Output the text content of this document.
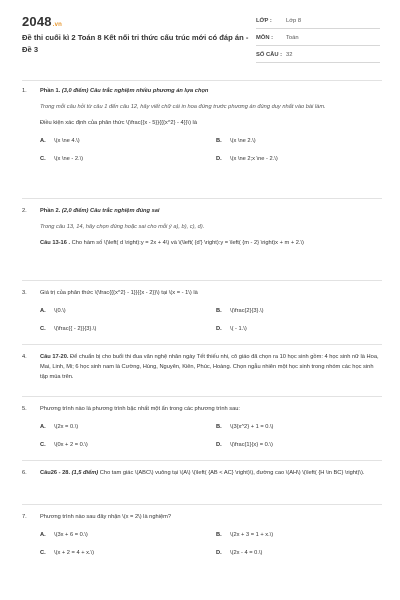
2048.vn
Đề thi cuối kì 2 Toán 8 Kết nối tri thức cấu trúc mới có đáp án - Đề 3
LỚP : Lớp 8
MÔN : Toán
SỐ CÂU : 32
1.	Phần 1. (3,0 điểm) Câu trắc nghiệm nhiều phương án lựa chọn

Trong mỗi câu hỏi từ câu 1 đến câu 12, hãy viết chữ cái in hoa đứng trước phương án đúng duy nhất vào bài làm.

Điều kiện xác định của phân thức \(\frac{{x - 5}}{{{x^2} - 4}}\) là

A. \(x \ne 4.\)	B. \(x \ne 2.\)
C. \(x \ne - 2.\)	D. \(x \ne 2;x \ne - 2.\)
2.	Phần 2. (2,0 điểm) Câu trắc nghiệm đúng sai

Trong câu 13, 14, hãy chọn đúng hoặc sai cho mỗi ý a), b), c), d).

Câu 13-16 . Cho hàm số \(\left( d \right):y = 2x + 4\) và \(\left( {d'} \right):y = \left( {m - 2} \right)x + m + 2.\)

3.	Giá trị của phân thức \(\frac{{{x^2} - 1}}{{x - 2}}\) tại \(x = - 1\) là

A. \(0.\)	B. \(\frac{2}{3}.\)
C. \(\frac{{ - 2}}{3}.\)	D. \( - 1.\)
4.	Câu 17-20. Để chuẩn bị cho buổi thi đua văn nghệ nhân ngày Tết thiếu nhi, cô giáo đã chọn ra 10 học sinh gồm: 4 học sinh nữ là Hoa, Mai, Linh, Mi; 6 học sinh nam là Cường, Hùng, Nguyên, Kiên, Phúc, Hoàng. Chọn ngẫu nhiên một học sinh trong nhóm các học sinh tập múa trên.

5.	Phương trình nào là phương trình bậc nhất một ẩn trong các phương trình sau:

A. \(2x = 0.\)	B. \(3{x^2} + 1 = 0.\)
C. \(0x + 2 = 0.\)	D. \(\frac{1}{x} = 0.\)
6.	Câu26 - 28. (1,5 điểm) Cho tam giác \(ABC\) vuông tại \(A\) \(\left( {AB < AC} \right)\), đường cao \(AH\) \(\left( {H \in BC} \right)\).

7.	Phương trình nào sau đây nhận \(x = 2\) là nghiệm?

A. \(3x + 6 = 0.\)	B. \(2x + 3 = 1 + x.\)
C. \(x + 2 = 4 + x.\)	D. \(2x - 4 = 0.\)
